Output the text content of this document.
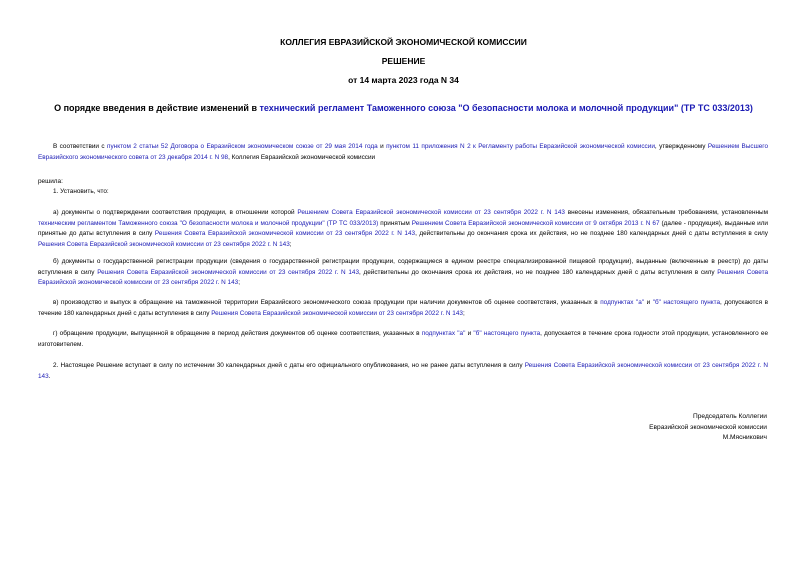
КОЛЛЕГИЯ ЕВРАЗИЙСКОЙ ЭКОНОМИЧЕСКОЙ КОМИССИИ
РЕШЕНИЕ
от 14 марта 2023 года N 34
О порядке введения в действие изменений в технический регламент Таможенного союза "О безопасности молока и молочной продукции" (ТР ТС 033/2013)
В соответствии с пунктом 2 статьи 52 Договора о Евразийском экономическом союзе от 29 мая 2014 года и пунктом 11 приложения N 2 к Регламенту работы Евразийской экономической комиссии, утвержденному Решением Высшего Евразийского экономического совета от 23 декабря 2014 г. N 98, Коллегия Евразийской экономической комиссии
решила:
1. Установить, что:
а) документы о подтверждении соответствия продукции, в отношении которой Решением Совета Евразийской экономической комиссии от 23 сентября 2022 г. N 143 внесены изменения, обязательным требованиям, установленным техническим регламентом Таможенного союза "О безопасности молока и молочной продукции" (ТР ТС 033/2013) принятым Решением Совета Евразийской экономической комиссии от 9 октября 2013 г. N 67 (далее - продукция), выданные или принятые до даты вступления в силу Решения Совета Евразийской экономической комиссии от 23 сентября 2022 г. N 143, действительны до окончания срока их действия, но не позднее 180 календарных дней с даты вступления в силу Решения Совета Евразийской экономической комиссии от 23 сентября 2022 г. N 143;
б) документы о государственной регистрации продукции (сведения о государственной регистрации продукции, содержащиеся в едином реестре специализированной пищевой продукции), выданные (включенные в реестр) до даты вступления в силу Решения Совета Евразийской экономической комиссии от 23 сентября 2022 г. N 143, действительны до окончания срока их действия, но не позднее 180 календарных дней с даты вступления в силу Решения Совета Евразийской экономической комиссии от 23 сентября 2022 г. N 143;
в) производство и выпуск в обращение на таможенной территории Евразийского экономического союза продукции при наличии документов об оценке соответствия, указанных в подпунктах "а" и "б" настоящего пункта, допускаются в течение 180 календарных дней с даты вступления в силу Решения Совета Евразийской экономической комиссии от 23 сентября 2022 г. N 143;
г) обращение продукции, выпущенной в обращение в период действия документов об оценке соответствия, указанных в подпунктах "а" и "б" настоящего пункта, допускается в течение срока годности этой продукции, установленного ее изготовителем.
2. Настоящее Решение вступает в силу по истечении 30 календарных дней с даты его официального опубликования, но не ранее даты вступления в силу Решения Совета Евразийской экономической комиссии от 23 сентября 2022 г. N 143.
Председатель Коллегии
Евразийской экономической комиссии
М.Мясникович
